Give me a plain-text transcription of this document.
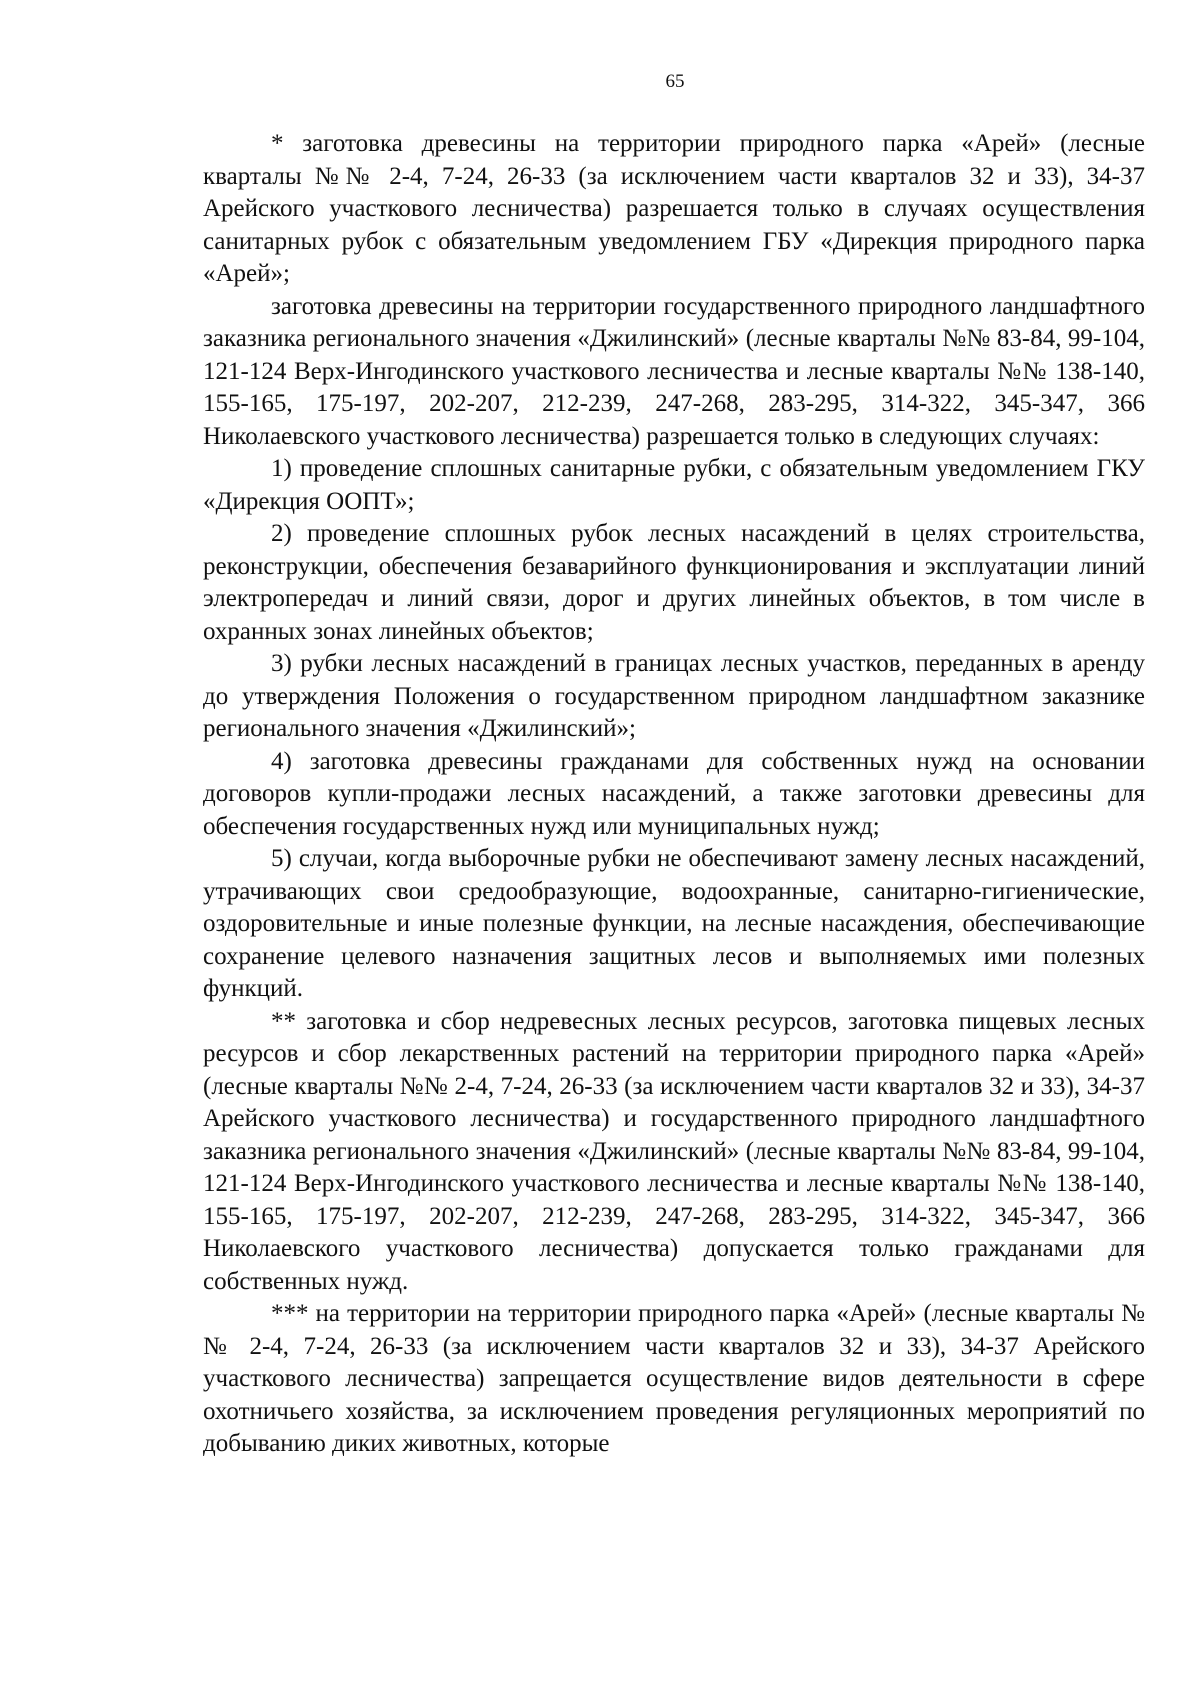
65

* заготовка древесины на территории природного парка «Арей» (лесные кварталы №№ 2-4, 7-24, 26-33 (за исключением части кварталов 32 и 33), 34-37 Арейского участкового лесничества) разрешается только в случаях осуществления санитарных рубок с обязательным уведомлением ГБУ «Дирекция природного парка «Арей»;

заготовка древесины на территории государственного природного ландшафтного заказника регионального значения «Джилинский» (лесные кварталы №№ 83-84, 99-104, 121-124 Верх-Ингодинского участкового лесничества и лесные кварталы №№ 138-140, 155-165, 175-197, 202-207, 212-239, 247-268, 283-295, 314-322, 345-347, 366 Николаевского участкового лесничества) разрешается только в следующих случаях:

1) проведение сплошных санитарные рубки, с обязательным уведомлением ГКУ «Дирекция ООПТ»;

2) проведение сплошных рубок лесных насаждений в целях строительства, реконструкции, обеспечения безаварийного функционирования и эксплуатации линий электропередач и линий связи, дорог и других линейных объектов, в том числе в охранных зонах линейных объектов;

3) рубки лесных насаждений в границах лесных участков, переданных в аренду до утверждения Положения о государственном природном ландшафтном заказнике регионального значения «Джилинский»;

4) заготовка древесины гражданами для собственных нужд на основании договоров купли-продажи лесных насаждений, а также заготовки древесины для обеспечения государственных нужд или муниципальных нужд;

5) случаи, когда выборочные рубки не обеспечивают замену лесных насаждений, утрачивающих свои средообразующие, водоохранные, санитарно-гигиенические, оздоровительные и иные полезные функции, на лесные насаждения, обеспечивающие сохранение целевого назначения защитных лесов и выполняемых ими полезных функций.

** заготовка и сбор недревесных лесных ресурсов, заготовка пищевых лесных ресурсов и сбор лекарственных растений на территории природного парка «Арей» (лесные кварталы №№ 2-4, 7-24, 26-33 (за исключением части кварталов 32 и 33), 34-37 Арейского участкового лесничества) и государственного природного ландшафтного заказника регионального значения «Джилинский» (лесные кварталы №№ 83-84, 99-104, 121-124 Верх-Ингодинского участкового лесничества и лесные кварталы №№ 138-140, 155-165, 175-197, 202-207, 212-239, 247-268, 283-295, 314-322, 345-347, 366 Николаевского участкового лесничества) допускается только гражданами для собственных нужд.

*** на территории на территории природного парка «Арей» (лесные кварталы №№ 2-4, 7-24, 26-33 (за исключением части кварталов 32 и 33), 34-37 Арейского участкового лесничества) запрещается осуществление видов деятельности в сфере охотничьего хозяйства, за исключением проведения регуляционных мероприятий по добыванию диких животных, которые
